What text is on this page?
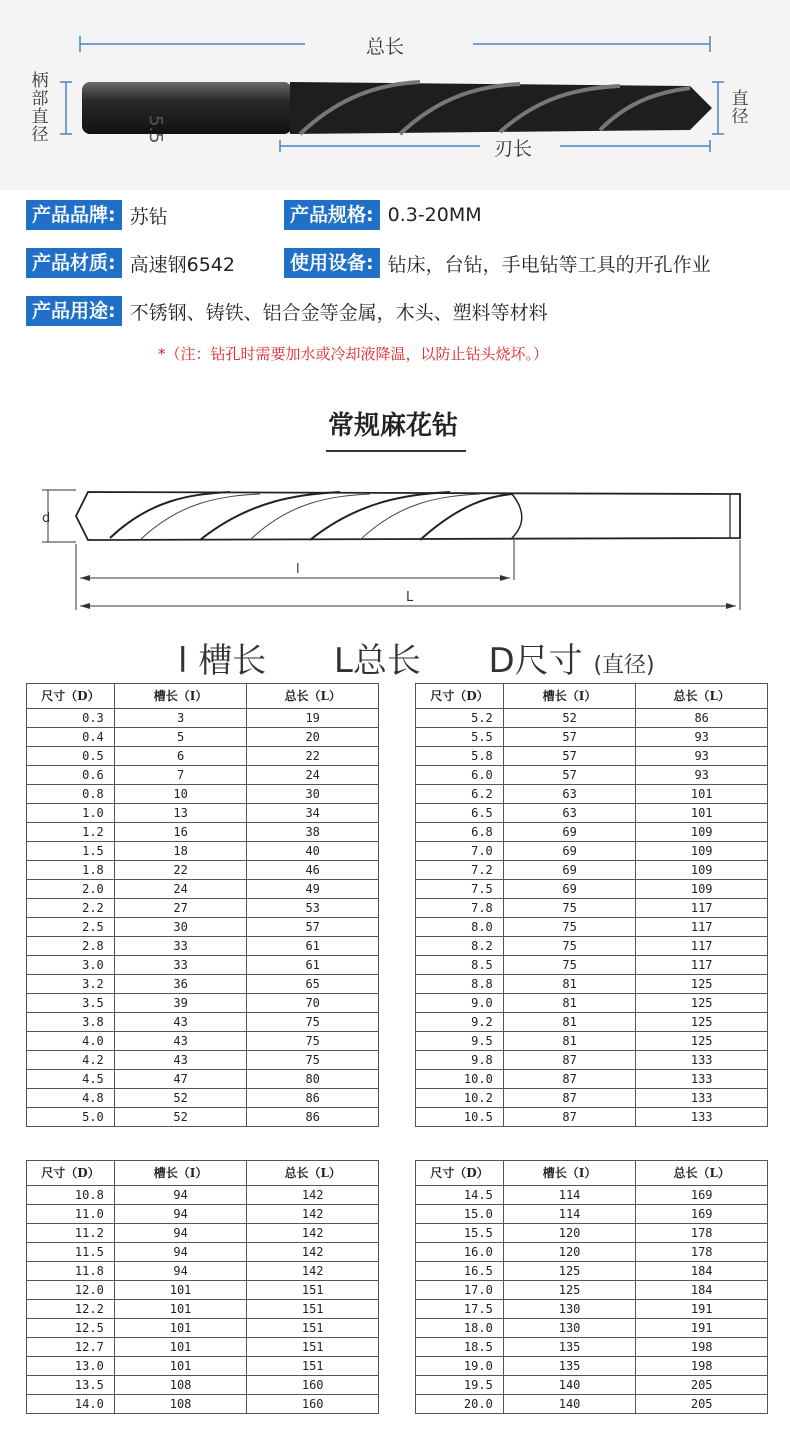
5.5
总长
刃长
柄
部
直
径
直
径
产品品牌: 苏钻	产品规格: 0.3-20MM
产品材质: 高速钢6542	使用设备: 钻床，台钻，手电钻等工具的开孔作业
产品用途: 不锈钢、铸铁、铝合金等金属，木头、塑料等材料
*（注：钻孔时需要加水或冷却液降温，以防止钻头烧坏。）
常规麻花钻
d
l
L
l 槽长 L总长 D尺寸 (直径)
尺寸（D）	槽长（I）	总长（L）
0.3	3	19
0.4	5	20
0.5	6	22
0.6	7	24
0.8	10	30
1.0	13	34
1.2	16	38
1.5	18	40
1.8	22	46
2.0	24	49
2.2	27	53
2.5	30	57
2.8	33	61
3.0	33	61
3.2	36	65
3.5	39	70
3.8	43	75
4.0	43	75
4.2	43	75
4.5	47	80
4.8	52	86
5.0	52	86
尺寸（D）	槽长（I）	总长（L）
5.2	52	86
5.5	57	93
5.8	57	93
6.0	57	93
6.2	63	101
6.5	63	101
6.8	69	109
7.0	69	109
7.2	69	109
7.5	69	109
7.8	75	117
8.0	75	117
8.2	75	117
8.5	75	117
8.8	81	125
9.0	81	125
9.2	81	125
9.5	81	125
9.8	87	133
10.0	87	133
10.2	87	133
10.5	87	133
尺寸（D）	槽长（I）	总长（L）
10.8	94	142
11.0	94	142
11.2	94	142
11.5	94	142
11.8	94	142
12.0	101	151
12.2	101	151
12.5	101	151
12.7	101	151
13.0	101	151
13.5	108	160
14.0	108	160
尺寸（D）	槽长（I）	总长（L）
14.5	114	169
15.0	114	169
15.5	120	178
16.0	120	178
16.5	125	184
17.0	125	184
17.5	130	191
18.0	130	191
18.5	135	198
19.0	135	198
19.5	140	205
20.0	140	205
